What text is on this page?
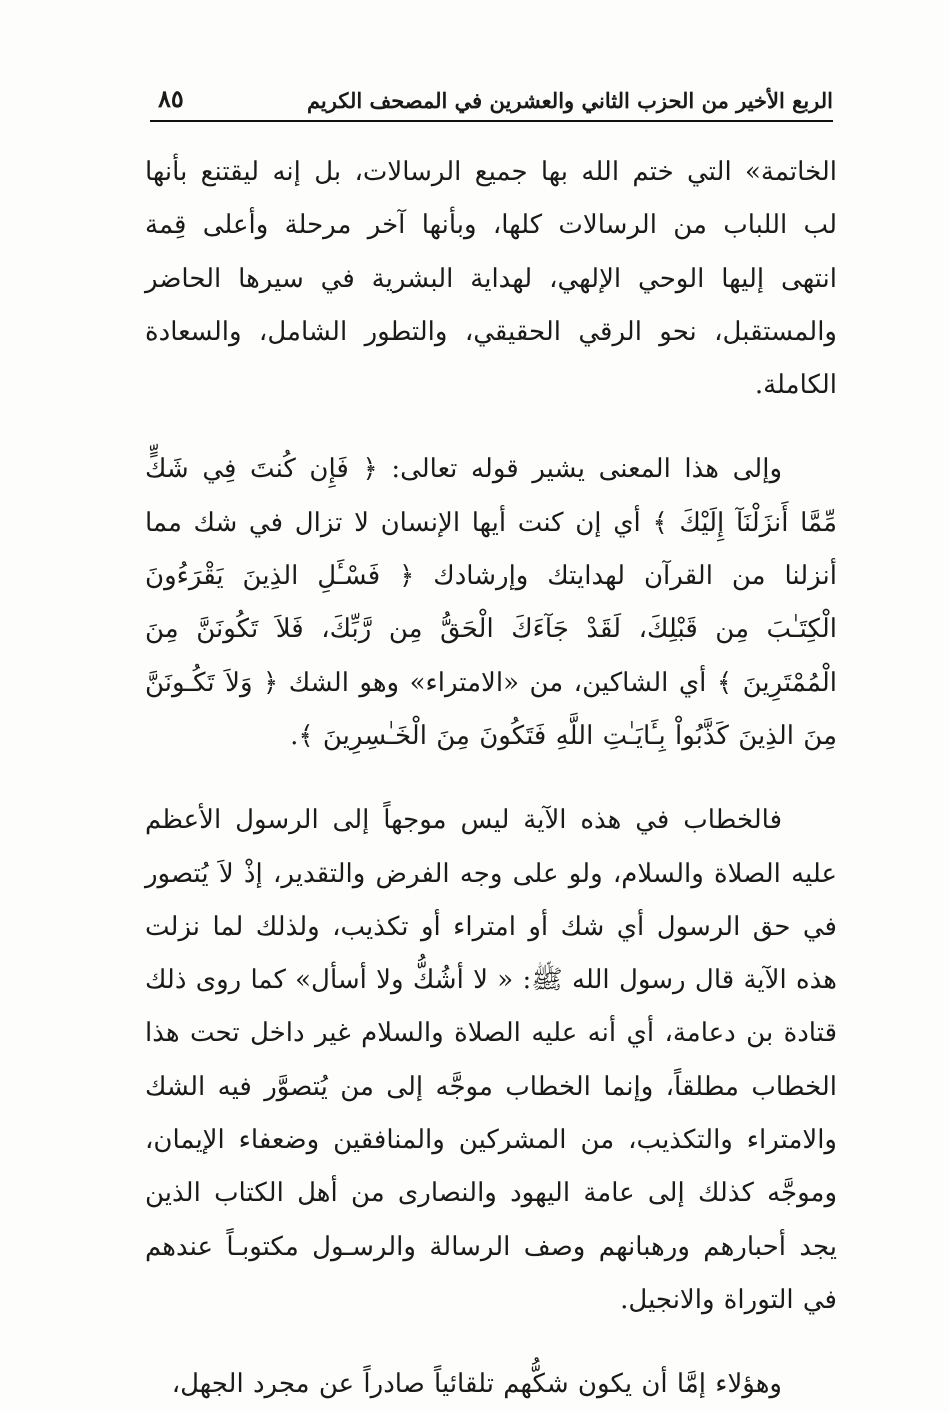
الربع الأخير من الحزب الثاني والعشرين في المصحف الكريم
٨٥

الخاتمة» التي ختم الله بها جميع الرسالات، بل إنه ليقتنع بأنها لب اللباب من الرسالات كلها، وبأنها آخر مرحلة وأعلى قِمة انتهى إليها الوحي الإلهي، لهداية البشرية في سيرها الحاضر والمستقبل، نحو الرقي الحقيقي، والتطور الشامل، والسعادة الكاملة.

وإلى هذا المعنى يشير قوله تعالى: ﴿ فَإِن كُنتَ فِي شَكٍّ مِّمَّا أَنزَلْنَآ إِلَيْكَ ﴾ أي إن كنت أيها الإنسان لا تزال في شك مما أنزلنا من القرآن لهدايتك وإرشادك ﴿ فَسْـَٔلِ الذِينَ يَقْرَءُونَ الْكِتَـٰبَ مِن قَبْلِكَ، لَقَدْ جَآءَكَ الْحَقُّ مِن رَّبِّكَ، فَلاَ تَكُونَنَّ مِنَ الْمُمْتَرِينَ ﴾ أي الشاكين، من «الامتراء» وهو الشك ﴿ وَلاَ تَكُـونَنَّ مِنَ الذِينَ كَذَّبُواْ بِـَٔايَـٰتِ اللَّهِ فَتَكُونَ مِنَ الْخَـٰسِرِينَ ﴾.

فالخطاب في هذه الآية ليس موجهاً إلى الرسول الأعظم عليه الصلاة والسلام، ولو على وجه الفرض والتقدير، إذْ لاَ يُتصور في حق الرسول أي شك أو امتراء أو تكذيب، ولذلك لما نزلت هذه الآية قال رسول الله ﷺ: « لا أشُكُّ ولا أسأل» كما روى ذلك قتادة بن دعامة، أي أنه عليه الصلاة والسلام غير داخل تحت هذا الخطاب مطلقاً، وإنما الخطاب موجَّه إلى من يُتصوَّر فيه الشك والامتراء والتكذيب، من المشركين والمنافقين وضعفاء الإيمان، وموجَّه كذلك إلى عامة اليهود والنصارى من أهل الكتاب الذين يجد أحبارهم ورهبانهم وصف الرسالة والرسـول مكتوبـاً عندهم في التوراة والانجيل.

وهؤلاء إمَّا أن يكون شكُّهم تلقائياً صادراً عن مجرد الجهل،
